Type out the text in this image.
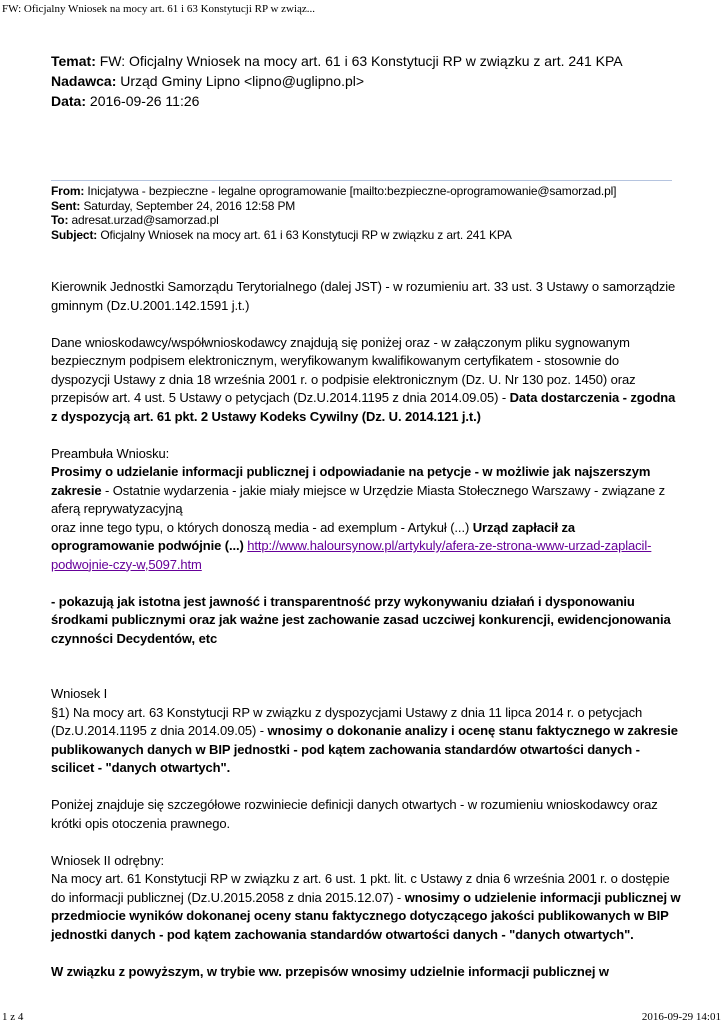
FW: Oficjalny Wniosek na mocy art. 61 i 63 Konstytucji RP w związ...
Temat: FW: Oficjalny Wniosek na mocy art. 61 i 63 Konstytucji RP w związku z art. 241 KPA
Nadawca: Urząd Gminy Lipno <lipno@uglipno.pl>
Data: 2016-09-26 11:26
From: Inicjatywa - bezpieczne - legalne oprogramowanie [mailto:bezpieczne-oprogramowanie@samorzad.pl]
Sent: Saturday, September 24, 2016 12:58 PM
To: adresat.urzad@samorzad.pl
Subject: Oficjalny Wniosek na mocy art. 61 i 63 Konstytucji RP w związku z art. 241 KPA

Kierownik Jednostki Samorządu Terytorialnego (dalej JST) - w rozumieniu art. 33 ust. 3 Ustawy o samorządzie gminnym (Dz.U.2001.142.1591 j.t.)

Dane wnioskodawcy/współwnioskodawcy znajdują się poniżej oraz - w załączonym pliku sygnowanym bezpiecznym podpisem elektronicznym, weryfikowanym kwalifikowanym certyfikatem - stosownie do dyspozycji Ustawy z dnia 18 września 2001 r. o podpisie elektronicznym (Dz. U. Nr 130 poz. 1450) oraz przepisów art. 4 ust. 5 Ustawy o petycjach (Dz.U.2014.1195 z dnia 2014.09.05) - Data dostarczenia - zgodna z dyspozycją art. 61 pkt. 2 Ustawy Kodeks Cywilny (Dz. U. 2014.121 j.t.)

Preambuła Wniosku:

Prosimy o udzielanie informacji publicznej i odpowiadanie na petycje - w możliwie jak najszerszym zakresie - Ostatnie wydarzenia - jakie miały miejsce w Urzędzie Miasta Stołecznego Warszawy - związane z aferą reprywatyzacyjną

oraz inne tego typu, o których donoszą media - ad exemplum - Artykuł (...) Urząd zapłacił za oprogramowanie podwójnie (...) http://www.haloursynow.pl/artykuly/afera-ze-strona-www-urzad-zaplacil-podwojnie-czy-w,5097.htm

- pokazują jak istotna jest jawność i transparentność przy wykonywaniu działań i dysponowaniu środkami publicznymi oraz jak ważne jest zachowanie zasad uczciwej konkurencji, ewidencjonowania czynności Decydentów, etc

Wniosek I

§1) Na mocy art. 63 Konstytucji RP w związku z dyspozycjami Ustawy z dnia 11 lipca 2014 r. o petycjach (Dz.U.2014.1195 z dnia 2014.09.05) - wnosimy o dokonanie analizy i ocenę stanu faktycznego w zakresie publikowanych danych w BIP jednostki - pod kątem zachowania standardów otwartości danych - scilicet - "danych otwartych".

Poniżej znajduje się szczegółowe rozwiniecie definicji danych otwartych - w rozumieniu wnioskodawcy oraz krótki opis otoczenia prawnego.

Wniosek II odrębny:

Na mocy art. 61 Konstytucji RP w związku z art. 6 ust. 1 pkt. lit. c Ustawy z dnia 6 września 2001 r. o dostępie do informacji publicznej (Dz.U.2015.2058 z dnia 2015.12.07) - wnosimy o udzielenie informacji publicznej w przedmiocie wyników dokonanej oceny stanu faktycznego dotyczącego jakości publikowanych w BIP jednostki danych - pod kątem zachowania standardów otwartości danych - "danych otwartych".

W związku z powyższym, w trybie ww. przepisów wnosimy udzielnie informacji publicznej w

1 z 4	2016-09-29 14:01
